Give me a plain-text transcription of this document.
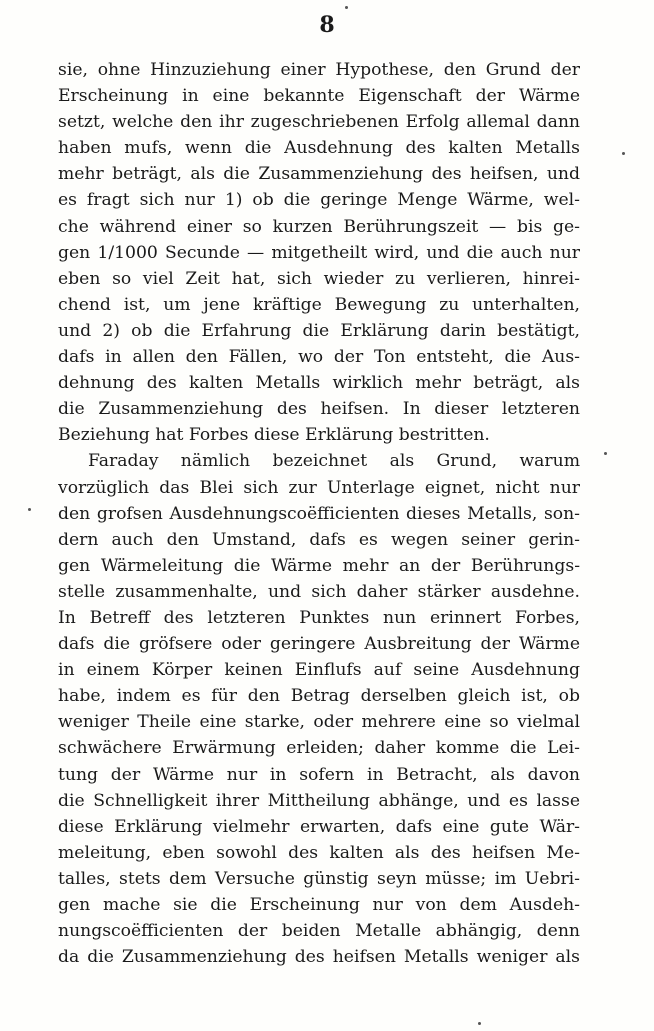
8
sie, ohne Hinzuziehung einer Hypothese, den Grund der
Erscheinung in eine bekannte Eigenschaft der Wärme
setzt, welche den ihr zugeschriebenen Erfolg allemal dann
haben mufs, wenn die Ausdehnung des kalten Metalls
mehr beträgt, als die Zusammenziehung des heifsen, und
es fragt sich nur 1) ob die geringe Menge Wärme, wel-
che während einer so kurzen Berührungszeit — bis ge-
gen 1/1000 Secunde — mitgetheilt wird, und die auch nur
eben so viel Zeit hat, sich wieder zu verlieren, hinrei-
chend ist, um jene kräftige Bewegung zu unterhalten,
und 2) ob die Erfahrung die Erklärung darin bestätigt,
dafs in allen den Fällen, wo der Ton entsteht, die Aus-
dehnung des kalten Metalls wirklich mehr beträgt, als
die Zusammenziehung des heifsen. In dieser letzteren
Beziehung hat Forbes diese Erklärung bestritten.
Faraday nämlich bezeichnet als Grund, warum
vorzüglich das Blei sich zur Unterlage eignet, nicht nur
den grofsen Ausdehnungscoëfficienten dieses Metalls, son-
dern auch den Umstand, dafs es wegen seiner gerin-
gen Wärmeleitung die Wärme mehr an der Berührungs-
stelle zusammenhalte, und sich daher stärker ausdehne.
In Betreff des letzteren Punktes nun erinnert Forbes,
dafs die gröfsere oder geringere Ausbreitung der Wärme
in einem Körper keinen Einflufs auf seine Ausdehnung
habe, indem es für den Betrag derselben gleich ist, ob
weniger Theile eine starke, oder mehrere eine so vielmal
schwächere Erwärmung erleiden; daher komme die Lei-
tung der Wärme nur in sofern in Betracht, als davon
die Schnelligkeit ihrer Mittheilung abhänge, und es lasse
diese Erklärung vielmehr erwarten, dafs eine gute Wär-
meleitung, eben sowohl des kalten als des heifsen Me-
talles, stets dem Versuche günstig seyn müsse; im Uebri-
gen mache sie die Erscheinung nur von dem Ausdeh-
nungscoëfficienten der beiden Metalle abhängig, denn
da die Zusammenziehung des heifsen Metalls weniger als
